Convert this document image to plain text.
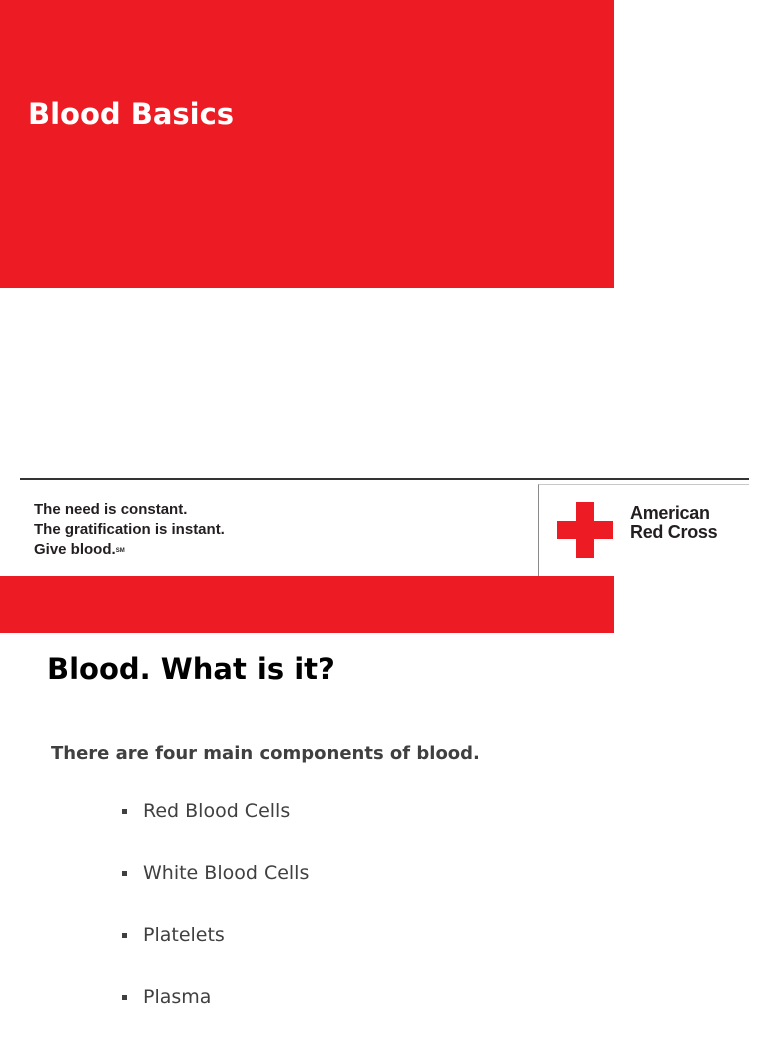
Blood Basics
The need is constant.
The gratification is instant.
Give blood.℠
American
Red Cross
Blood. What is it?
There are four main components of blood.
Red Blood Cells
White Blood Cells
Platelets
Plasma
